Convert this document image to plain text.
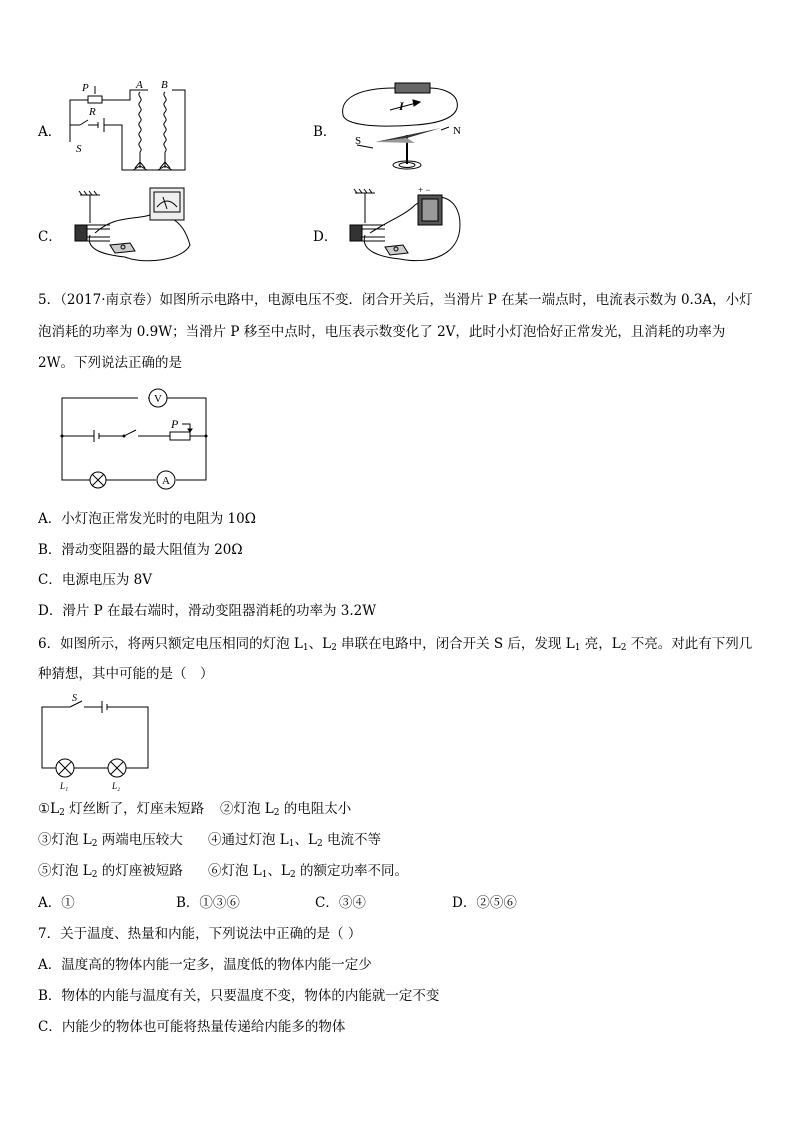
A．	B．
C．	D．
P
R
A B
S
I
S
N
+ −
5．（2017·南京卷）如图所示电路中，电源电压不变．闭合开关后，当滑片 P 在某一端点时，电流表示数为 0.3A，小灯
泡消耗的功率为 0.9W；当滑片 P 移至中点时，电压表示数变化了 2V，此时小灯泡恰好正常发光，且消耗的功率为
2W。下列说法正确的是
V
A
P
A．小灯泡正常发光时的电阻为 10Ω
B．滑动变阻器的最大阻值为 20Ω
C．电源电压为 8V
D．滑片 P 在最右端时，滑动变阻器消耗的功率为 3.2W
6．如图所示，将两只额定电压相同的灯泡 $L_1$、$L_2$ 串联在电路中，闭合开关 S 后，发现 $L_1$ 亮，$L_2$ 不亮。对此有下列几
种猜想，其中可能的是（　）
S
L₁	L₂
$①L_2$ 灯丝断了，灯座未短路 ②灯泡 $L_2$ 的电阻太小
③灯泡 $L_2$ 两端电压较大 ④通过灯泡 $L_1$、$L_2$ 电流不等
⑤灯泡 $L_2$ 的灯座被短路 ⑥灯泡 $L_1$、$L_2$ 的额定功率不同。
A．①	B．①③⑥	C．③④	D．②⑤⑥
7．关于温度、热量和内能，下列说法中正确的是（ ）
A．温度高的物体内能一定多，温度低的物体内能一定少
B．物体的内能与温度有关，只要温度不变，物体的内能就一定不变
C．内能少的物体也可能将热量传递给内能多的物体
